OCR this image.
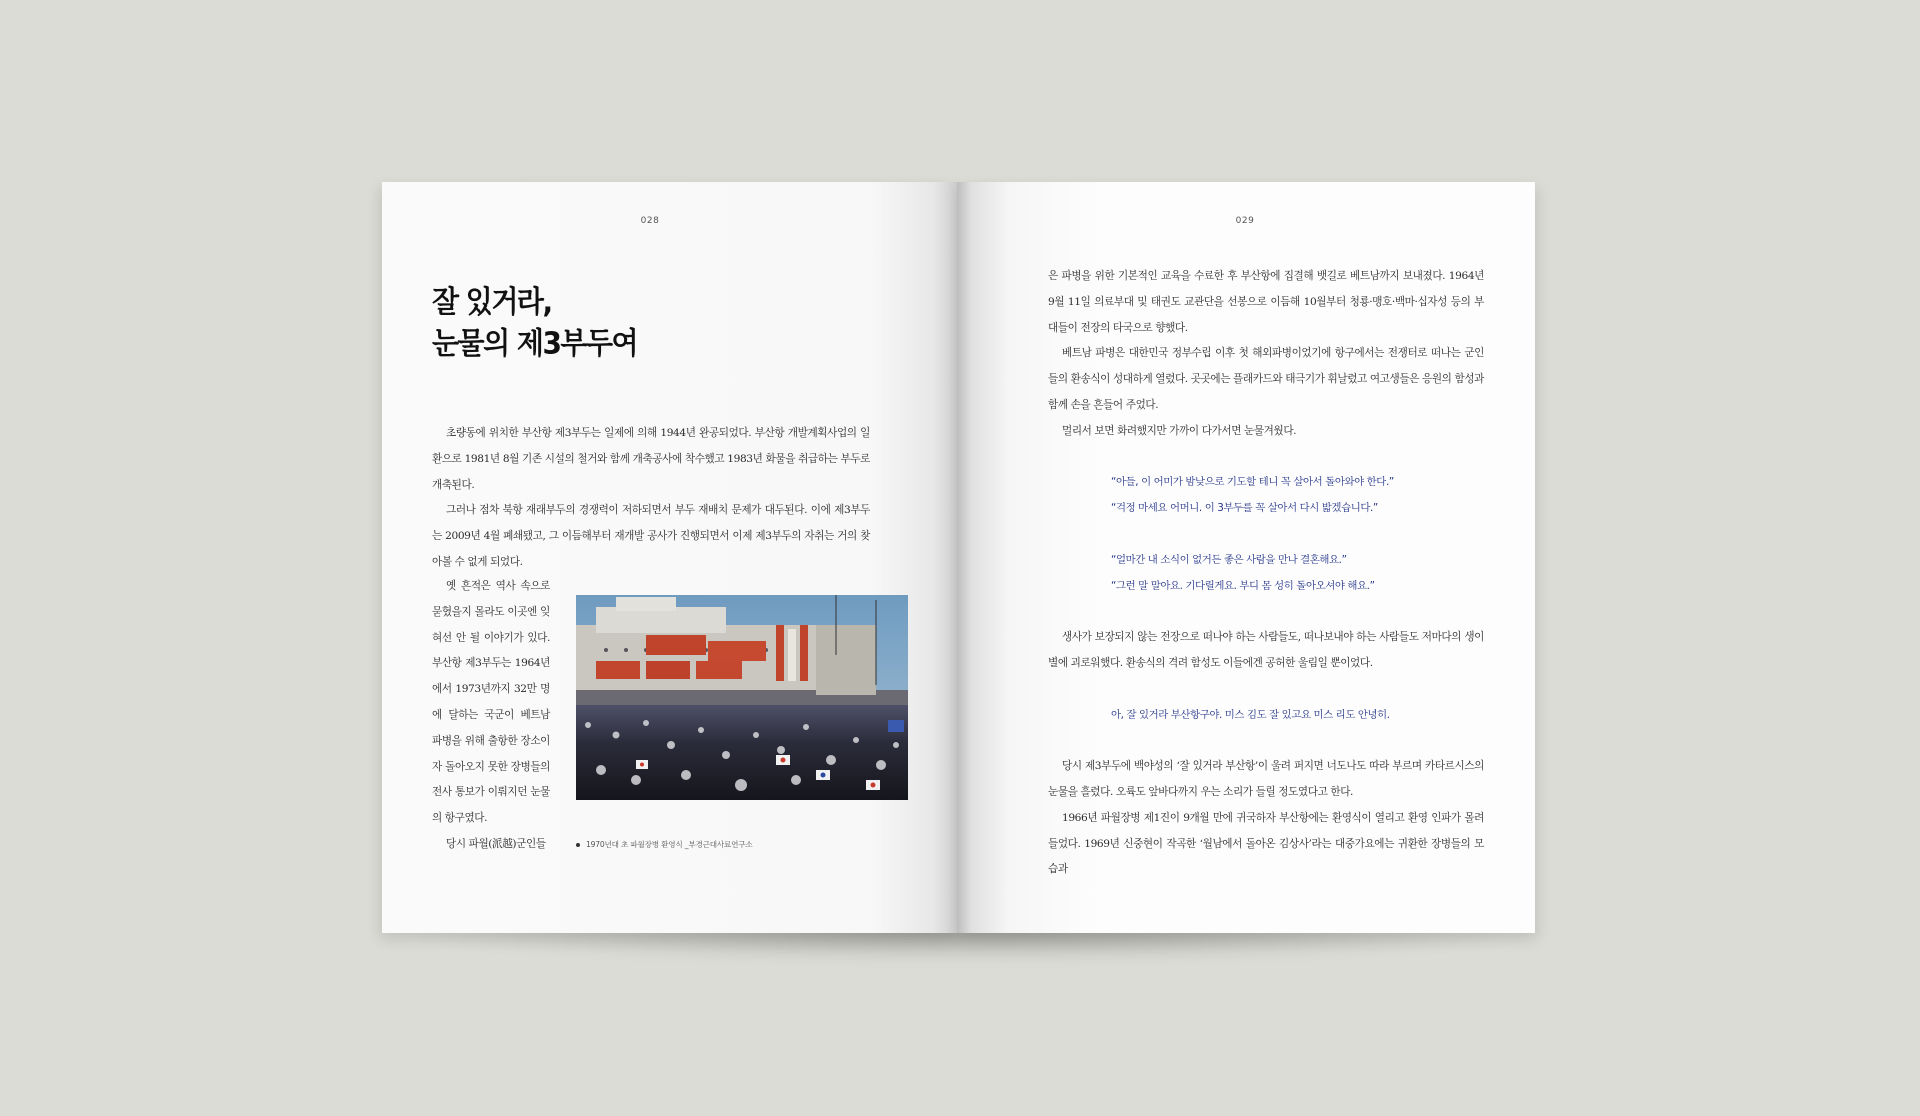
028
잘 있거라,
눈물의 제3부두여

초량동에 위치한 부산항 제3부두는 일제에 의해 1944년 완공되었다. 부산항 개발계획사업의 일환으로 1981년 8월 기존 시설의 철거와 함께 개축공사에 착수했고 1983년 화물을 취급하는 부두로 개축된다.

그러나 점차 북항 재래부두의 경쟁력이 저하되면서 부두 재배치 문제가 대두된다. 이에 제3부두는 2009년 4월 폐쇄됐고, 그 이듬해부터 재개발 공사가 진행되면서 이제 제3부두의 자취는 거의 찾아볼 수 없게 되었다.

옛 흔적은 역사 속으로 묻혔을지 몰라도 이곳엔 잊혀선 안 될 이야기가 있다. 부산항 제3부두는 1964년에서 1973년까지 32만 명에 달하는 국군이 베트남 파병을 위해 출항한 장소이자 돌아오지 못한 장병들의 전사 통보가 이뤄지던 눈물의 항구였다.

당시 파월(派越)군인들	1970년대 초 파월장병 환영식 _부경근대사료연구소
029

은 파병을 위한 기본적인 교육을 수료한 후 부산항에 집결해 뱃길로 베트남까지 보내졌다. 1964년 9월 11일 의료부대 및 태권도 교관단을 선봉으로 이듬해 10월부터 청룡·맹호·백마·십자성 등의 부대들이 전장의 타국으로 향했다.

베트남 파병은 대한민국 정부수립 이후 첫 해외파병이었기에 항구에서는 전쟁터로 떠나는 군인들의 환송식이 성대하게 열렸다. 곳곳에는 플래카드와 태극기가 휘날렸고 여고생들은 응원의 함성과 함께 손을 흔들어 주었다.

멀리서 보면 화려했지만 가까이 다가서면 눈물겨웠다.

“아들, 이 어미가 밤낮으로 기도할 테니 꼭 살아서 돌아와야 한다.”

“걱정 마세요 어머니. 이 3부두를 꼭 살아서 다시 밟겠습니다.”

“얼마간 내 소식이 없거든 좋은 사람을 만나 결혼해요.”

“그런 말 말아요. 기다릴게요. 부디 몸 성히 돌아오셔야 해요.”

생사가 보장되지 않는 전장으로 떠나야 하는 사람들도, 떠나보내야 하는 사람들도 저마다의 생이별에 괴로워했다. 환송식의 격려 함성도 이들에겐 공허한 울림일 뿐이었다.

아, 잘 있거라 부산항구야. 미스 김도 잘 있고요 미스 리도 안녕히.

당시 제3부두에 백야성의 ‘잘 있거라 부산항’이 울려 퍼지면 너도나도 따라 부르며 카타르시스의 눈물을 흘렸다. 오륙도 앞바다까지 우는 소리가 들릴 정도였다고 한다.

1966년 파월장병 제1진이 9개월 만에 귀국하자 부산항에는 환영식이 열리고 환영 인파가 몰려들었다. 1969년 신중현이 작곡한 ‘월남에서 돌아온 김상사’라는 대중가요에는 귀환한 장병들의 모습과
